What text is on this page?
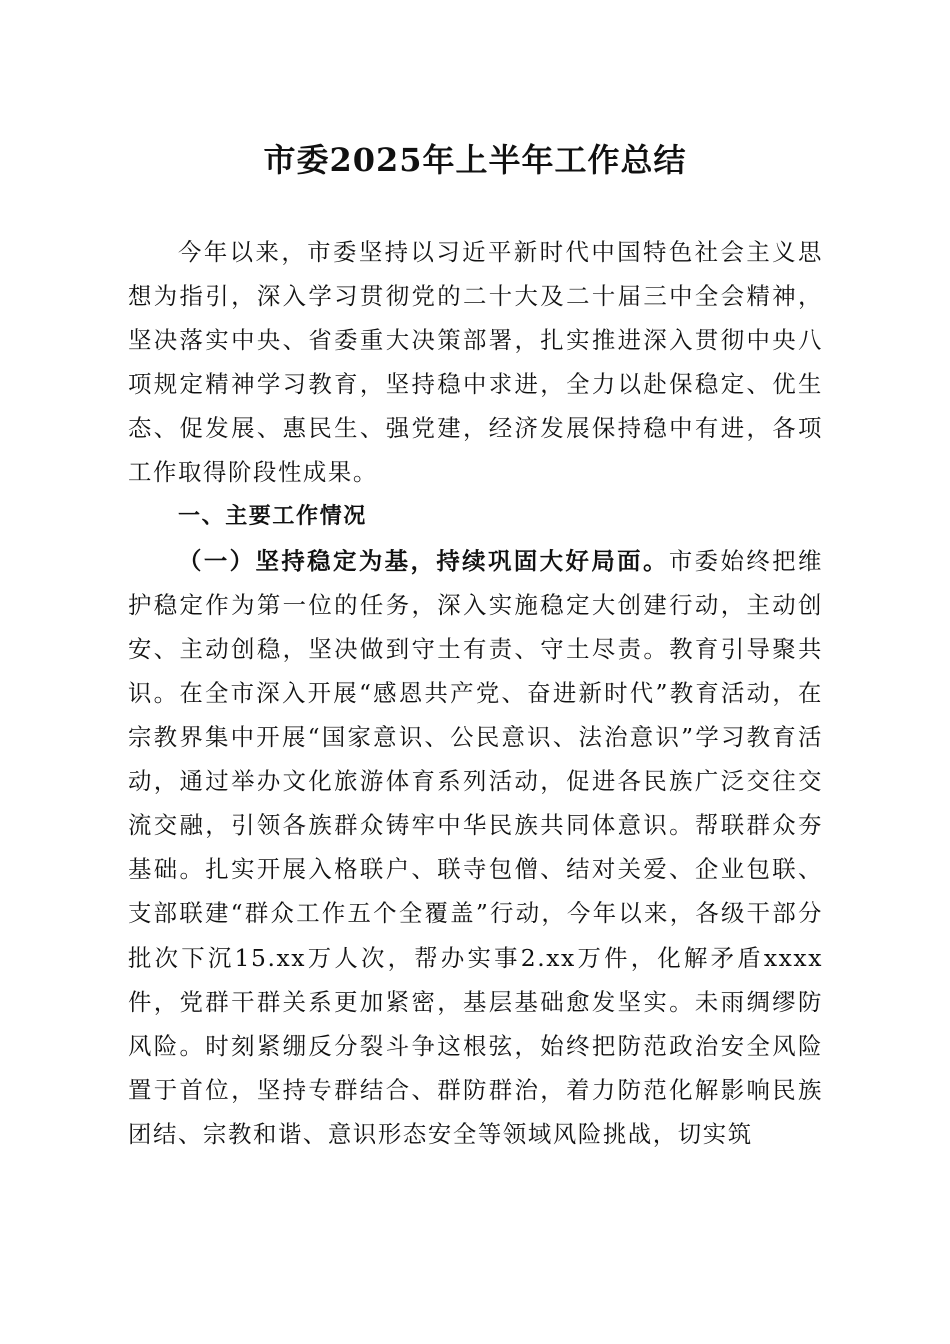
市委2025年上半年工作总结

今年以来，市委坚持以习近平新时代中国特色社会主义思想为指引，深入学习贯彻党的二十大及二十届三中全会精神，坚决落实中央、省委重大决策部署，扎实推进深入贯彻中央八项规定精神学习教育，坚持稳中求进，全力以赴保稳定、优生态、促发展、惠民生、强党建，经济发展保持稳中有进，各项工作取得阶段性成果。

一、主要工作情况

（一）坚持稳定为基，持续巩固大好局面。市委始终把维护稳定作为第一位的任务，深入实施稳定大创建行动，主动创安、主动创稳，坚决做到守土有责、守土尽责。教育引导聚共识。在全市深入开展“感恩共产党、奋进新时代”教育活动，在宗教界集中开展“国家意识、公民意识、法治意识”学习教育活动，通过举办文化旅游体育系列活动，促进各民族广泛交往交流交融，引领各族群众铸牢中华民族共同体意识。帮联群众夯基础。扎实开展入格联户、联寺包僧、结对关爱、企业包联、支部联建“群众工作五个全覆盖”行动，今年以来，各级干部分批次下沉15.xx万人次，帮办实事2.xx万件，化解矛盾xxxx件，党群干群关系更加紧密，基层基础愈发坚实。未雨绸缪防风险。时刻紧绷反分裂斗争这根弦，始终把防范政治安全风险置于首位，坚持专群结合、群防群治，着力防范化解影响民族团结、宗教和谐、意识形态安全等领域风险挑战，切实筑
